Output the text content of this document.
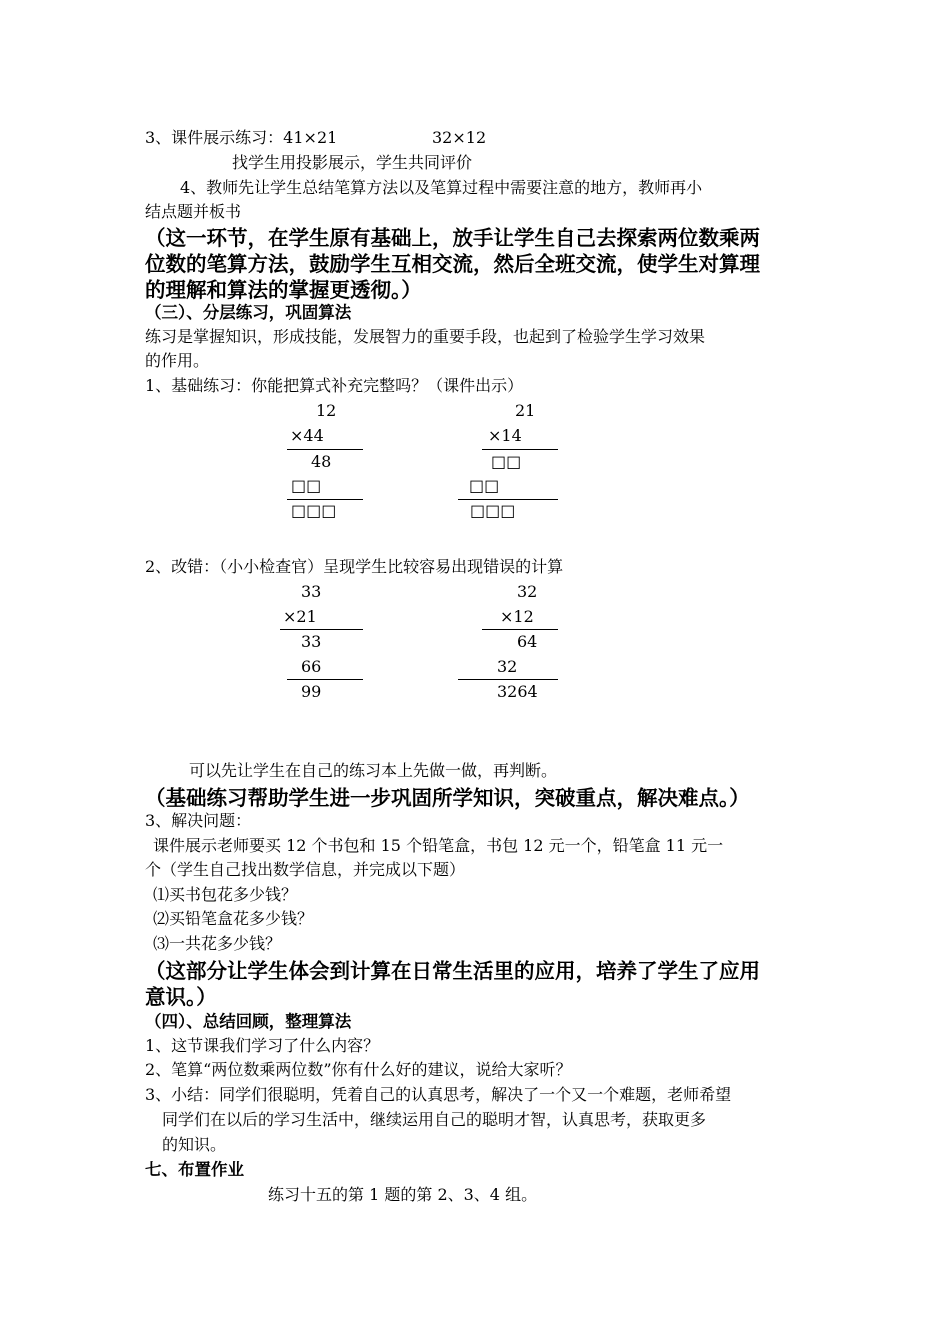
3、课件展示练习：41×21	32×12
找学生用投影展示，学生共同评价
4、教师先让学生总结笔算方法以及笔算过程中需要注意的地方，教师再小
结点题并板书
（这一环节，在学生原有基础上，放手让学生自己去探索两位数乘两
位数的笔算方法，鼓励学生互相交流，然后全班交流，使学生对算理
的理解和算法的掌握更透彻。）
（三）、分层练习，巩固算法
练习是掌握知识，形成技能，发展智力的重要手段，也起到了检验学生学习效果
的作用。
1、基础练习：你能把算式补充完整吗？（课件出示）
12
×44
48
□□
□□□
21
×14
□□
□□
□□□
2、改错：（小小检查官）呈现学生比较容易出现错误的计算
33
×21
33
66
99
32
×12
64
32
3264
可以先让学生在自己的练习本上先做一做，再判断。
（基础练习帮助学生进一步巩固所学知识，突破重点，解决难点。）
3、解决问题：
课件展示老师要买 12 个书包和 15 个铅笔盒，书包 12 元一个，铅笔盒 11 元一
个（学生自己找出数学信息，并完成以下题）
⑴买书包花多少钱？
⑵买铅笔盒花多少钱？
⑶一共花多少钱？
（这部分让学生体会到计算在日常生活里的应用，培养了学生了应用
意识。）
（四）、总结回顾，整理算法
1、这节课我们学习了什么内容？
2、笔算“两位数乘两位数”你有什么好的建议，说给大家听？
3、小结：同学们很聪明，凭着自己的认真思考，解决了一个又一个难题，老师希望
同学们在以后的学习生活中，继续运用自己的聪明才智，认真思考，获取更多
的知识。
七、布置作业
练习十五的第 1 题的第 2、3、4 组。
